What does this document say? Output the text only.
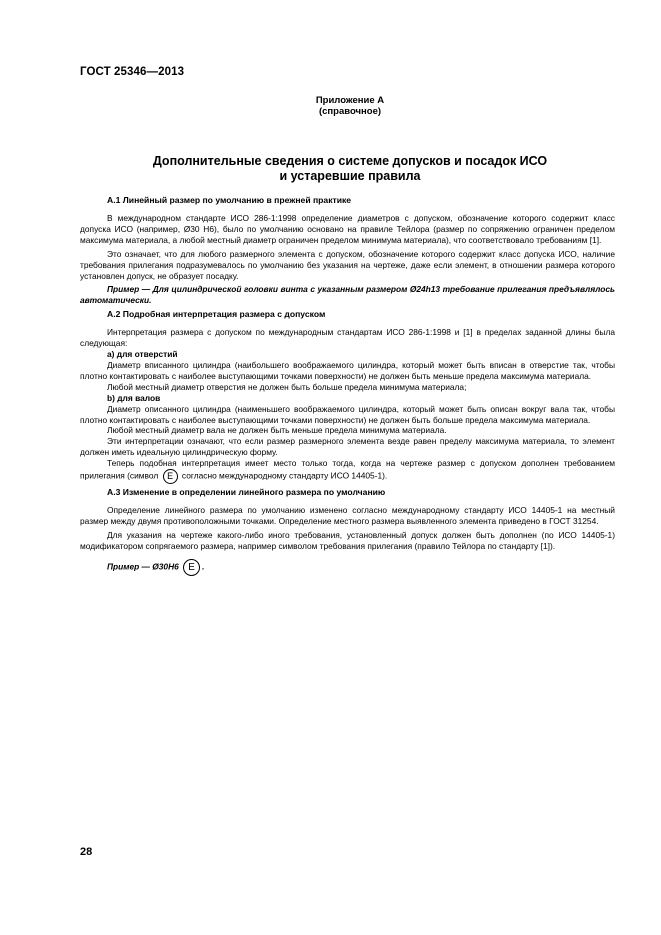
ГОСТ 25346—2013
Приложение А
(справочное)
Дополнительные сведения о системе допусков и посадок ИСО
и устаревшие правила
А.1 Линейный размер по умолчанию в прежней практике

В международном стандарте ИСО 286-1:1998 определение диаметров с допуском, обозначение которого содержит класс допуска ИСО (например, Ø30 Н6), было по умолчанию основано на правиле Тейлора (размер по сопряжению ограничен пределом максимума материала, а любой местный диаметр ограничен пределом минимума материала), что соответствовало требованиям [1].

Это означает, что для любого размерного элемента с допуском, обозначение которого содержит класс допуска ИСО, наличие требования прилегания подразумевалось по умолчанию без указания на чертеже, даже если элемент, в отношении размера которого установлен допуск, не образует посадку.

Пример — Для цилиндрической головки винта с указанным размером Ø24h13 требование прилегания предъявлялось автоматически.

А.2 Подробная интерпретация размера с допуском

Интерпретация размера с допуском по международным стандартам ИСО 286-1:1998 и [1] в пределах заданной длины была следующая:

а) для отверстий

Диаметр вписанного цилиндра (наибольшего воображаемого цилиндра, который может быть вписан в отверстие так, чтобы плотно контактировать с наиболее выступающими точками поверхности) не должен быть меньше предела максимума материала.

Любой местный диаметр отверстия не должен быть больше предела минимума материала;

b) для валов

Диаметр описанного цилиндра (наименьшего воображаемого цилиндра, который может быть описан вокруг вала так, чтобы плотно контактировать с наиболее выступающими точками поверхности) не должен быть больше предела максимума материала.

Любой местный диаметр вала не должен быть меньше предела минимума материала.

Эти интерпретации означают, что если размер размерного элемента везде равен пределу максимума материала, то элемент должен иметь идеальную цилиндрическую форму.

Теперь подобная интерпретация имеет место только тогда, когда на чертеже размер с допуском дополнен требованием прилегания (символ E согласно международному стандарту ИСО 14405-1).

А.3 Изменение в определении линейного размера по умолчанию

Определение линейного размера по умолчанию изменено согласно международному стандарту ИСО 14405-1 на местный размер между двумя противоположными точками. Определение местного размера выявленного элемента приведено в ГОСТ 31254.

Для указания на чертеже какого-либо иного требования, установленный допуск должен быть дополнен (по ИСО 14405-1) модификатором сопрягаемого размера, например символом требования прилегания (правило Тейлора по стандарту [1]).

Пример — Ø30Н6 E .

28
